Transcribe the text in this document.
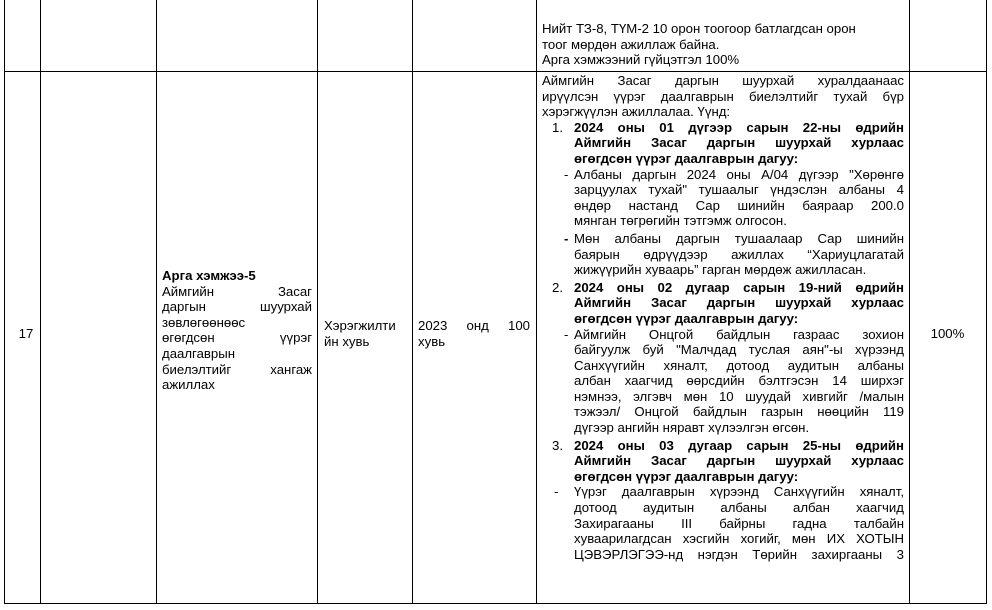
Нийт ТЗ-8, ТҮМ-2 10 орон тоогоор батлагдсан орон
тоог мөрдөн ажиллаж байна.
Арга хэмжээний гүйцэтгэл 100%
17
Арга хэмжээ-5
Аймгийн Засаг
даргын шуурхай
зөвлөгөөнөөс
өгөгдсөн үүрэг
даалгаврын
биелэлтийг хангаж
ажиллах
Хэрэгжилти
йн хувь
2023 онд 100
хувь
Аймгийн Засаг даргын шуурхай хуралдаанаас
ирүүлсэн үүрэг даалгаврын биелэлтийг тухай бүр
хэрэгжүүлэн ажиллалаа. Үүнд:
1. 2024 оны 01 дүгээр сарын 22-ны өдрийн
Аймгийн Засаг даргын шуурхай хурлаас
өгөгдсөн үүрэг даалгаврын дагуу:
- Албаны даргын 2024 оны А/04 дүгээр "Хөрөнгө
зарцуулах тухай" тушаалыг үндэслэн албаны 4
өндөр настанд Сар шинийн баяраар 200.0
мянган төгрөгийн тэтгэмж олгосон.
- Мөн албаны даргын тушаалаар Сар шинийн
баярын өдрүүдээр ажиллах “Хариуцлагатай
жижүүрийн хуваарь” гарган мөрдөж ажилласан.
2. 2024 оны 02 дугаар сарын 19-ний өдрийн
Аймгийн Засаг даргын шуурхай хурлаас
өгөгдсөн үүрэг даалгаврын дагуу:
- Аймгийн Онцгой байдлын газраас зохион
байгуулж буй "Малчдад туслая аян"-ы хүрээнд
Санхүүгийн хяналт, дотоод аудитын албаны
албан хаагчид өөрсдийн бэлтгэсэн 14 ширхэг
нэмнээ, элгэвч мөн 10 шуудай хивгийг /малын
тэжээл/ Онцгой байдлын газрын нөөцийн 119
дүгээр ангийн няравт хүлээлгэн өгсөн.
3. 2024 оны 03 дугаар сарын 25-ны өдрийн
Аймгийн Засаг даргын шуурхай хурлаас
өгөгдсөн үүрэг даалгаврын дагуу:
- Үүрэг даалгаврын хүрээнд Санхүүгийн хяналт,
дотоод аудитын албаны албан хаагчид
Захирагааны III байрны гадна талбайн
хуваарилагдсан хэсгийн хогийг, мөн ИХ ХОТЫН
ЦЭВЭРЛЭГЭЭ-нд нэгдэн Төрийн захиргааны 3
100%
